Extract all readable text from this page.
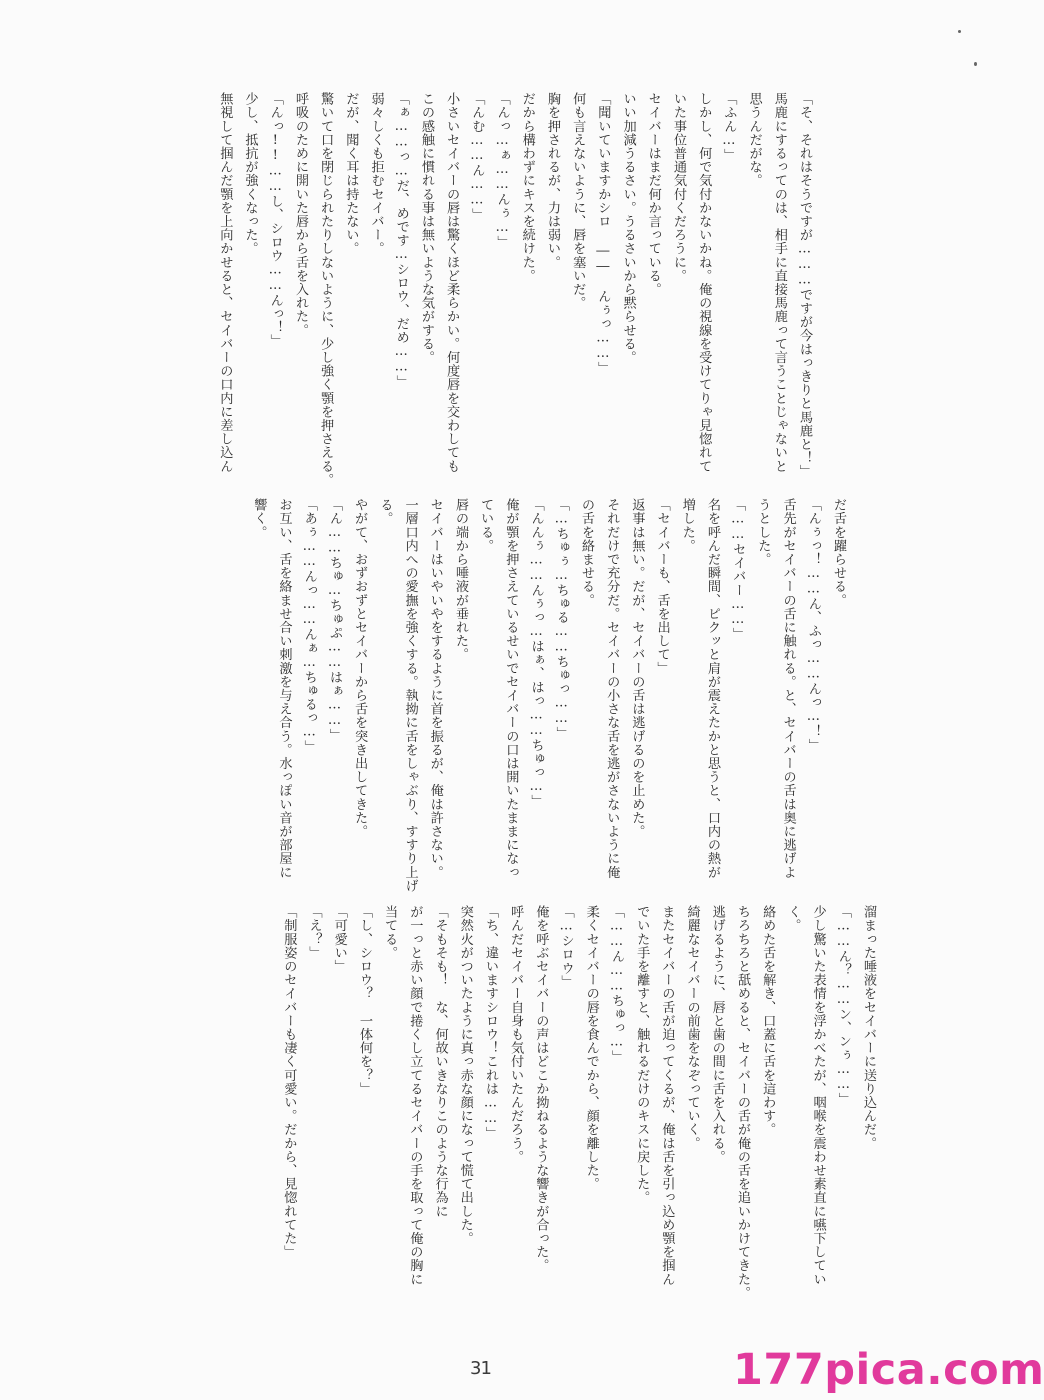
「そ、それはそうですが………ですが今はっきりと馬鹿と！」
馬鹿にするってのは、相手に直接馬鹿って言うことじゃないと
思うんだがな。
「ふん…」
しかし、何で気付かないかね。俺の視線を受けてりゃ見惚れて
いた事位普通気付くだろうに。
セイバーはまだ何か言っている。
いい加減うるさい。うるさいから黙らせる。
「聞いていますかシロ ―― んぅっ……」
何も言えないように、唇を塞いだ。
胸を押されるが、力は弱い。
だから構わずにキスを続けた。
「んっ…ぁ……んぅ…」
「んむ……ん……」
小さいセイバーの唇は驚くほど柔らかい。何度唇を交わしても
この感触に慣れる事は無いような気がする。
「ぁ……っ…だ、めです…シロウ、だめ……」
弱々しくも拒むセイバー。
だが、聞く耳は持たない。
驚いて口を閉じられたりしないように、少し強く顎を押さえる。
呼吸のために開いた唇から舌を入れた。
「んっ!!……し、シロウ……んっ！」
少し、抵抗が強くなった。
無視して掴んだ顎を上向かせると、セイバーの口内に差し込ん
だ舌を躍らせる。
「んぅっ！……ん、ふっ……んっ…！」
舌先がセイバーの舌に触れる。と、セイバーの舌は奥に逃げよ
うとした。
「……セイバー……」
名を呼んだ瞬間、ピクッと肩が震えたかと思うと、口内の熱が
増した。
「セイバーも、舌を出して」
返事は無い。だが、セイバーの舌は逃げるのを止めた。
それだけで充分だ。セイバーの小さな舌を逃がさないように俺
の舌を絡ませる。
「…ちゅぅ…ちゅる……ちゅっ……」
「んんぅ……んぅっ…はぁ、はっ……ちゅっ…」
俺が顎を押さえているせいでセイバーの口は開いたままになっ
ている。
唇の端から唾液が垂れた。
セイバーはいやいやをするように首を振るが、俺は許さない。
一層口内への愛撫を強くする。執拗に舌をしゃぶり、すすり上げ
る。
やがて、おずおずとセイバーから舌を突き出してきた。
「ん……ちゅ…ちゅぷ……はぁ……」
「あぅ……んっ……んぁ…ちゅるっ…」
お互い、舌を絡ませ合い刺激を与え合う。水っぽい音が部屋に
響く。
溜まった唾液をセイバーに送り込んだ。
「……ん？……ン、ンぅ……」
少し驚いた表情を浮かべたが、咽喉を震わせ素直に嚥下してい
く。
絡めた舌を解き、口蓋に舌を這わす。
ちろちろと舐めると、セイバーの舌が俺の舌を追いかけてきた。
逃げるように、唇と歯の間に舌を入れる。
綺麗なセイバーの前歯をなぞっていく。
またセイバーの舌が迫ってくるが、俺は舌を引っ込め顎を掴ん
でいた手を離すと、触れるだけのキスに戻した。
「……ん……ちゅっ…」
柔くセイバーの唇を食んでから、顔を離した。
「…シロウ」
俺を呼ぶセイバーの声はどこか拗ねるような響きが合った。
呼んだセイバー自身も気付いたんだろう。
「ち、違いますシロウ！これは……」
突然火がついたように真っ赤な顔になって慌て出した。
「そもそも！　な、何故いきなりこのような行為に
が一っと赤い顔で捲くし立てるセイバーの手を取って俺の胸に
当てる。
「し、シロウ？　一体何を？」
「可愛い」
「え？」
「制服姿のセイバーも凄く可愛い。だから、見惚れてた」
31	177pica.com
